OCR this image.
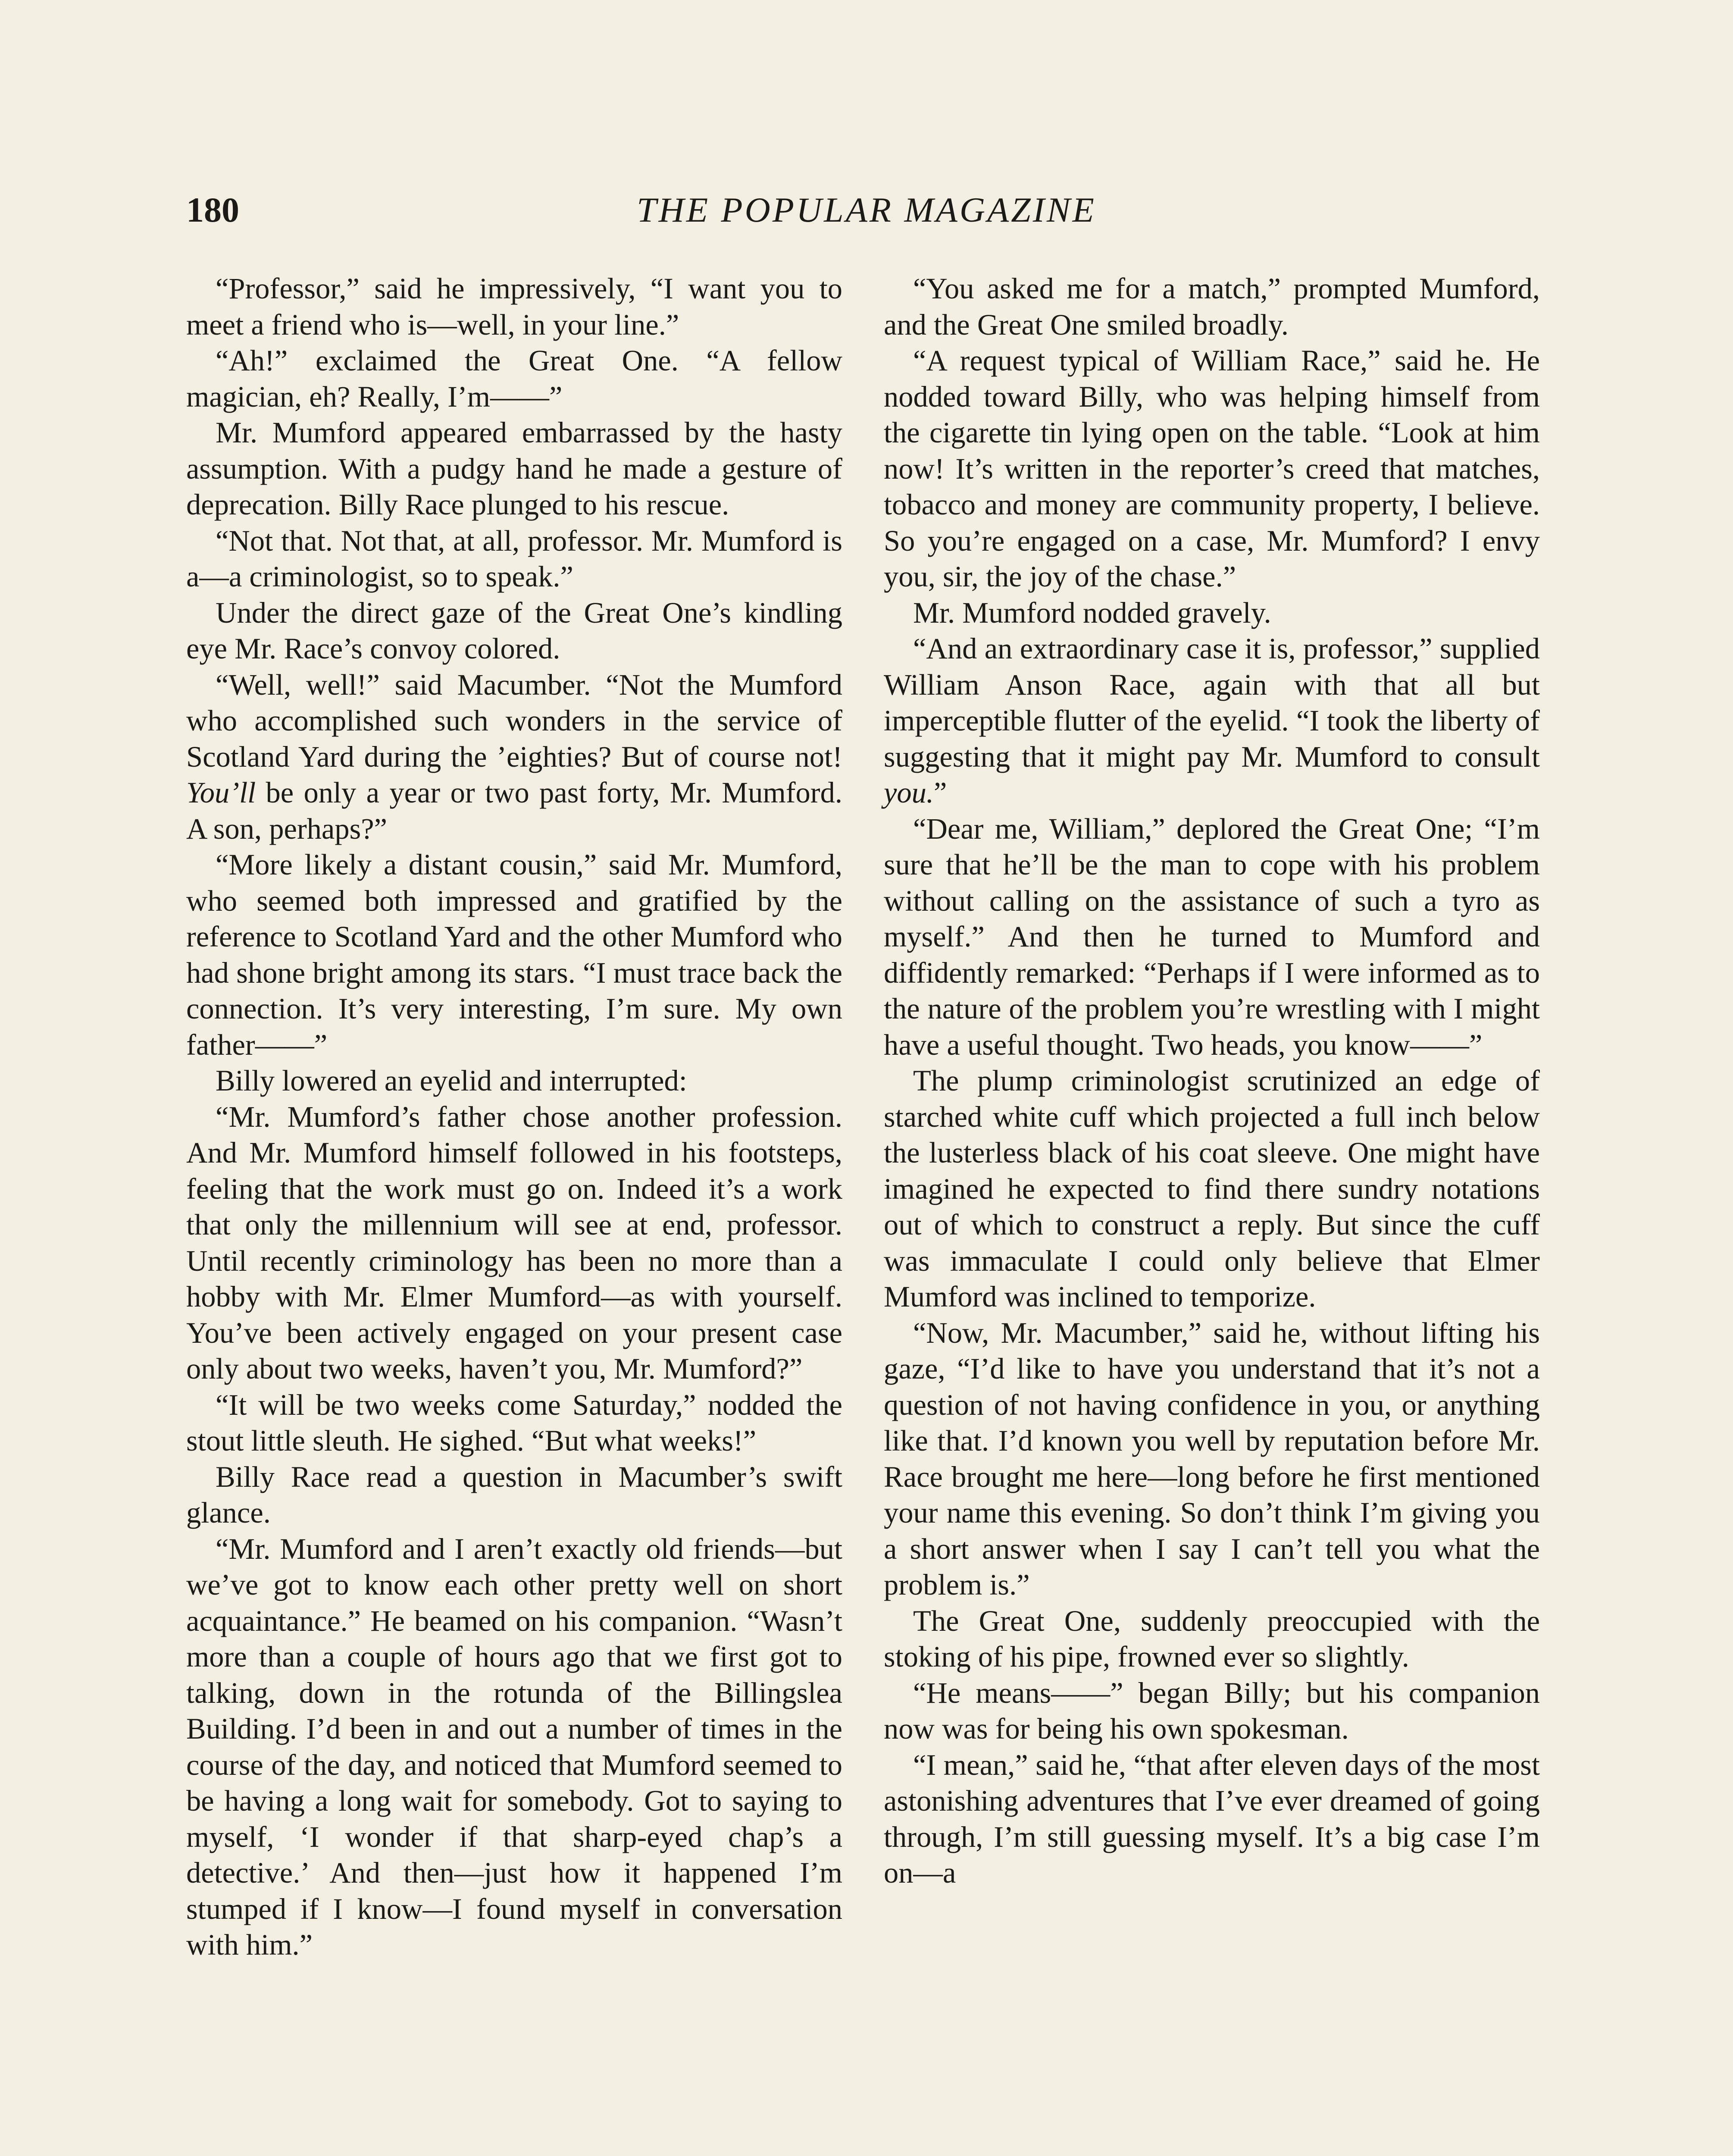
180	THE POPULAR MAGAZINE

“Professor,” said he impressively, “I want you to meet a friend who is—well, in your line.”

“Ah!” exclaimed the Great One. “A fellow magician, eh? Really, I’m——”

Mr. Mumford appeared embarrassed by the hasty assumption. With a pudgy hand he made a gesture of deprecation. Billy Race plunged to his rescue.

“Not that. Not that, at all, professor. Mr. Mumford is a—a criminologist, so to speak.”

Under the direct gaze of the Great One’s kindling eye Mr. Race’s convoy colored.

“Well, well!” said Macumber. “Not the Mumford who accomplished such wonders in the service of Scotland Yard during the ’eighties? But of course not! You’ll be only a year or two past forty, Mr. Mumford. A son, perhaps?”

“More likely a distant cousin,” said Mr. Mumford, who seemed both impressed and gratified by the reference to Scotland Yard and the other Mumford who had shone bright among its stars. “I must trace back the connection. It’s very interesting, I’m sure. My own father——”

Billy lowered an eyelid and interrupted:

“Mr. Mumford’s father chose another profession. And Mr. Mumford himself followed in his footsteps, feeling that the work must go on. Indeed it’s a work that only the millennium will see at end, professor. Until recently criminology has been no more than a hobby with Mr. Elmer Mumford—as with yourself. You’ve been actively engaged on your present case only about two weeks, haven’t you, Mr. Mumford?”

“It will be two weeks come Saturday,” nodded the stout little sleuth. He sighed. “But what weeks!”

Billy Race read a question in Macumber’s swift glance.

“Mr. Mumford and I aren’t exactly old friends—but we’ve got to know each other pretty well on short acquaintance.” He beamed on his companion. “Wasn’t more than a couple of hours ago that we first got to talking, down in the rotunda of the Billingslea Building. I’d been in and out a number of times in the course of the day, and noticed that Mumford seemed to be having a long wait for somebody. Got to saying to myself, ‘I wonder if that sharp-eyed chap’s a detective.’ And then—just how it happened I’m stumped if I know—I found myself in conversation with him.”

“You asked me for a match,” prompted Mumford, and the Great One smiled broadly.

“A request typical of William Race,” said he. He nodded toward Billy, who was helping himself from the cigarette tin lying open on the table. “Look at him now! It’s written in the reporter’s creed that matches, tobacco and money are community property, I believe. So you’re engaged on a case, Mr. Mumford? I envy you, sir, the joy of the chase.”

Mr. Mumford nodded gravely.

“And an extraordinary case it is, professor,” supplied William Anson Race, again with that all but imperceptible flutter of the eyelid. “I took the liberty of suggesting that it might pay Mr. Mumford to consult you.”

“Dear me, William,” deplored the Great One; “I’m sure that he’ll be the man to cope with his problem without calling on the assistance of such a tyro as myself.” And then he turned to Mumford and diffidently remarked: “Perhaps if I were informed as to the nature of the problem you’re wrestling with I might have a useful thought. Two heads, you know——”

The plump criminologist scrutinized an edge of starched white cuff which projected a full inch below the lusterless black of his coat sleeve. One might have imagined he expected to find there sundry notations out of which to construct a reply. But since the cuff was immaculate I could only believe that Elmer Mumford was inclined to temporize.

“Now, Mr. Macumber,” said he, without lifting his gaze, “I’d like to have you understand that it’s not a question of not having confidence in you, or anything like that. I’d known you well by reputation before Mr. Race brought me here—long before he first mentioned your name this evening. So don’t think I’m giving you a short answer when I say I can’t tell you what the problem is.”

The Great One, suddenly preoccupied with the stoking of his pipe, frowned ever so slightly.

“He means——” began Billy; but his companion now was for being his own spokesman.

“I mean,” said he, “that after eleven days of the most astonishing adventures that I’ve ever dreamed of going through, I’m still guessing myself. It’s a big case I’m on—a
